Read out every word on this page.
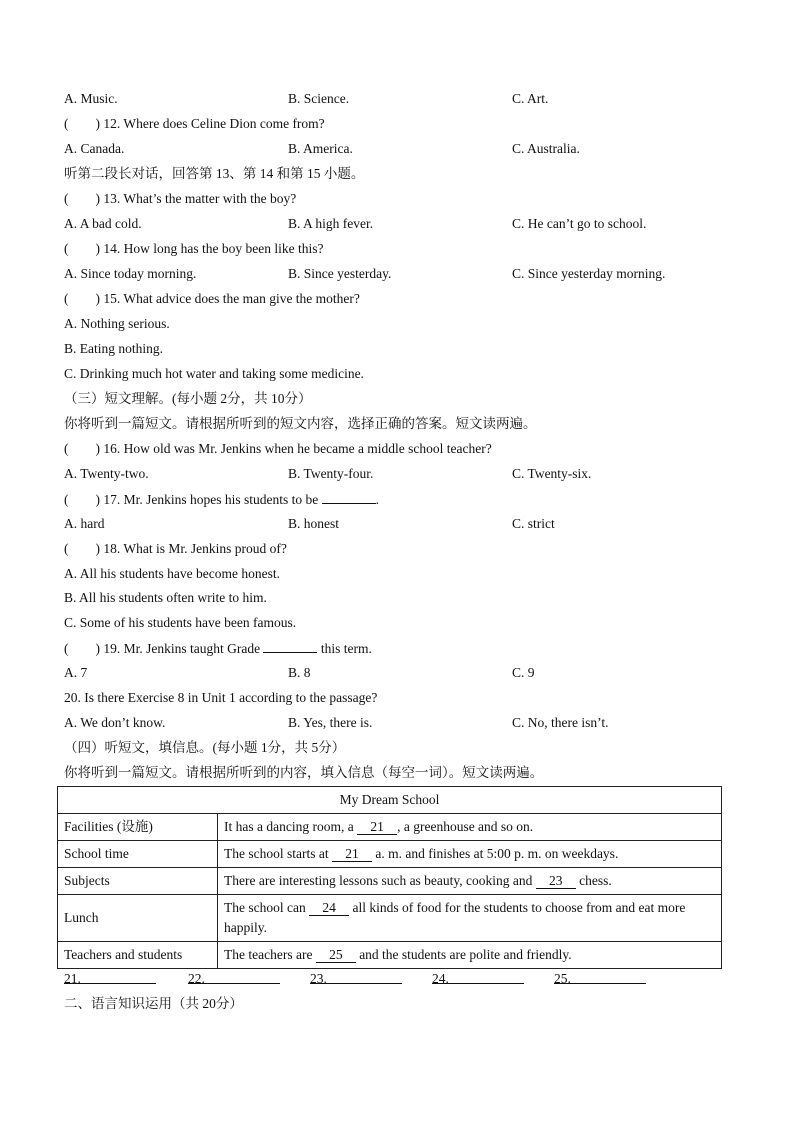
A. Music.	B. Science.	C. Art.
(　　) 12. Where does Celine Dion come from?
A. Canada.	B. America.	C. Australia.
听第二段长对话，回答第 13、第 14 和第 15 小题。
(　　) 13. What’s the matter with the boy?
A. A bad cold.	B. A high fever.	C. He can’t go to school.
(　　) 14. How long has the boy been like this?
A. Since today morning.	B. Since yesterday.	C. Since yesterday morning.
(　　) 15. What advice does the man give the mother?
A. Nothing serious.
B. Eating nothing.
C. Drinking much hot water and taking some medicine.
（三）短文理解。(每小题 2分，共 10分）
你将听到一篇短文。请根据所听到的短文内容，选择正确的答案。短文读两遍。
(　　) 16. How old was Mr. Jenkins when he became a middle school teacher?
A. Twenty-two.	B. Twenty-four.	C. Twenty-six.
(　　) 17. Mr. Jenkins hopes his students to be	.
A. hard	B. honest	C. strict
(　　) 18. What is Mr. Jenkins proud of?
A. All his students have become honest.
B. All his students often write to him.
C. Some of his students have been famous.
(　　) 19. Mr. Jenkins taught Grade	this term.
A. 7	B. 8	C. 9
20. Is there Exercise 8 in Unit 1 according to the passage?
A. We don’t know.	B. Yes, there is.	C. No, there isn’t.
（四）听短文，填信息。(每小题 1分，共 5分）
你将听到一篇短文。请根据所听到的内容，填入信息（每空一词）。短文读两遍。
My Dream School	
Facilities (设施)	It has a dancing room, a 21 , a greenhouse and so on.
School time	The school starts at 21 a. m. and finishes at 5:00 p. m. on weekdays.
Subjects	There are interesting lessons such as beauty, cooking and 23 chess.
Lunch	The school can 24 all kinds of food for the students to choose from and eat more happily.
Teachers and students	The teachers are 25 and the students are polite and friendly.
21.	22.	23.	24.	25.
二、语言知识运用（共 20分）
